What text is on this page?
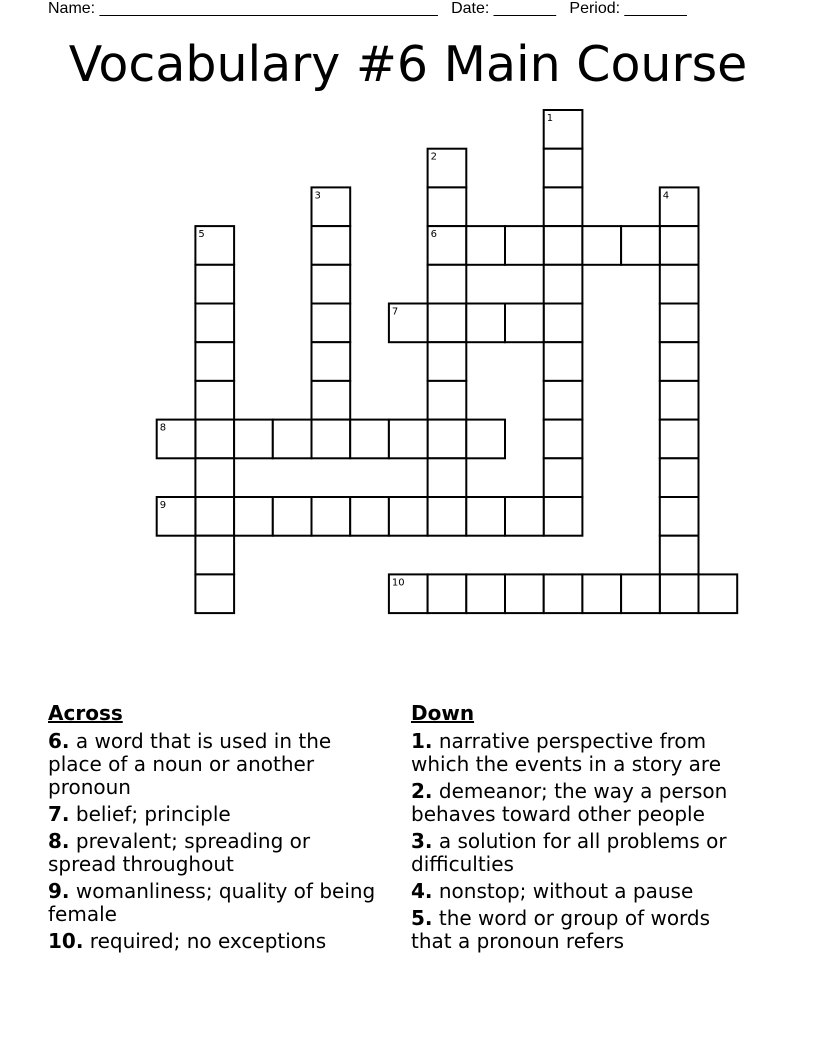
Name: ______________________________________ Date: _______ Period: _______
Vocabulary #6 Main Course
1
2
3	4
5	6
7
8
9
10
Across
6. a word that is used in the place of a noun or another pronoun
7. belief; principle
8. prevalent; spreading or spread throughout
9. womanliness; quality of being female
10. required; no exceptions
Down
1. narrative perspective from which the events in a story are
2. demeanor; the way a person behaves toward other people
3. a solution for all problems or difficulties
4. nonstop; without a pause
5. the word or group of words that a pronoun refers
